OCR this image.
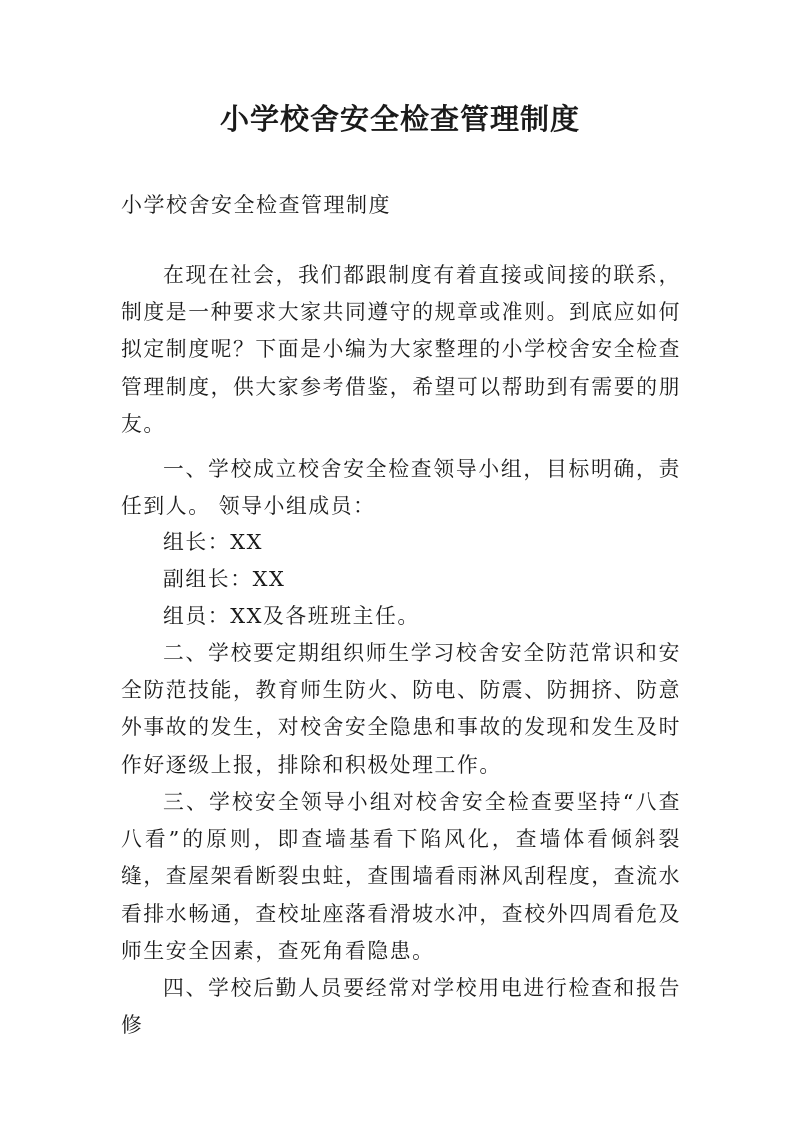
小学校舍安全检查管理制度
小学校舍安全检查管理制度

在现在社会，我们都跟制度有着直接或间接的联系，制度是一种要求大家共同遵守的规章或准则。到底应如何拟定制度呢？下面是小编为大家整理的小学校舍安全检查管理制度，供大家参考借鉴，希望可以帮助到有需要的朋友。

一、学校成立校舍安全检查领导小组，目标明确，责任到人。 领导小组成员：

组长：XX

副组长：XX

组员：XX及各班班主任。

二、学校要定期组织师生学习校舍安全防范常识和安全防范技能，教育师生防火、防电、防震、防拥挤、防意外事故的发生，对校舍安全隐患和事故的发现和发生及时作好逐级上报，排除和积极处理工作。

三、学校安全领导小组对校舍安全检查要坚持“八查八看”的原则，即查墙基看下陷风化，查墙体看倾斜裂缝，查屋架看断裂虫蛀，查围墙看雨淋风刮程度，查流水看排水畅通，查校址座落看滑坡水冲，查校外四周看危及师生安全因素，查死角看隐患。

四、学校后勤人员要经常对学校用电进行检查和报告修
